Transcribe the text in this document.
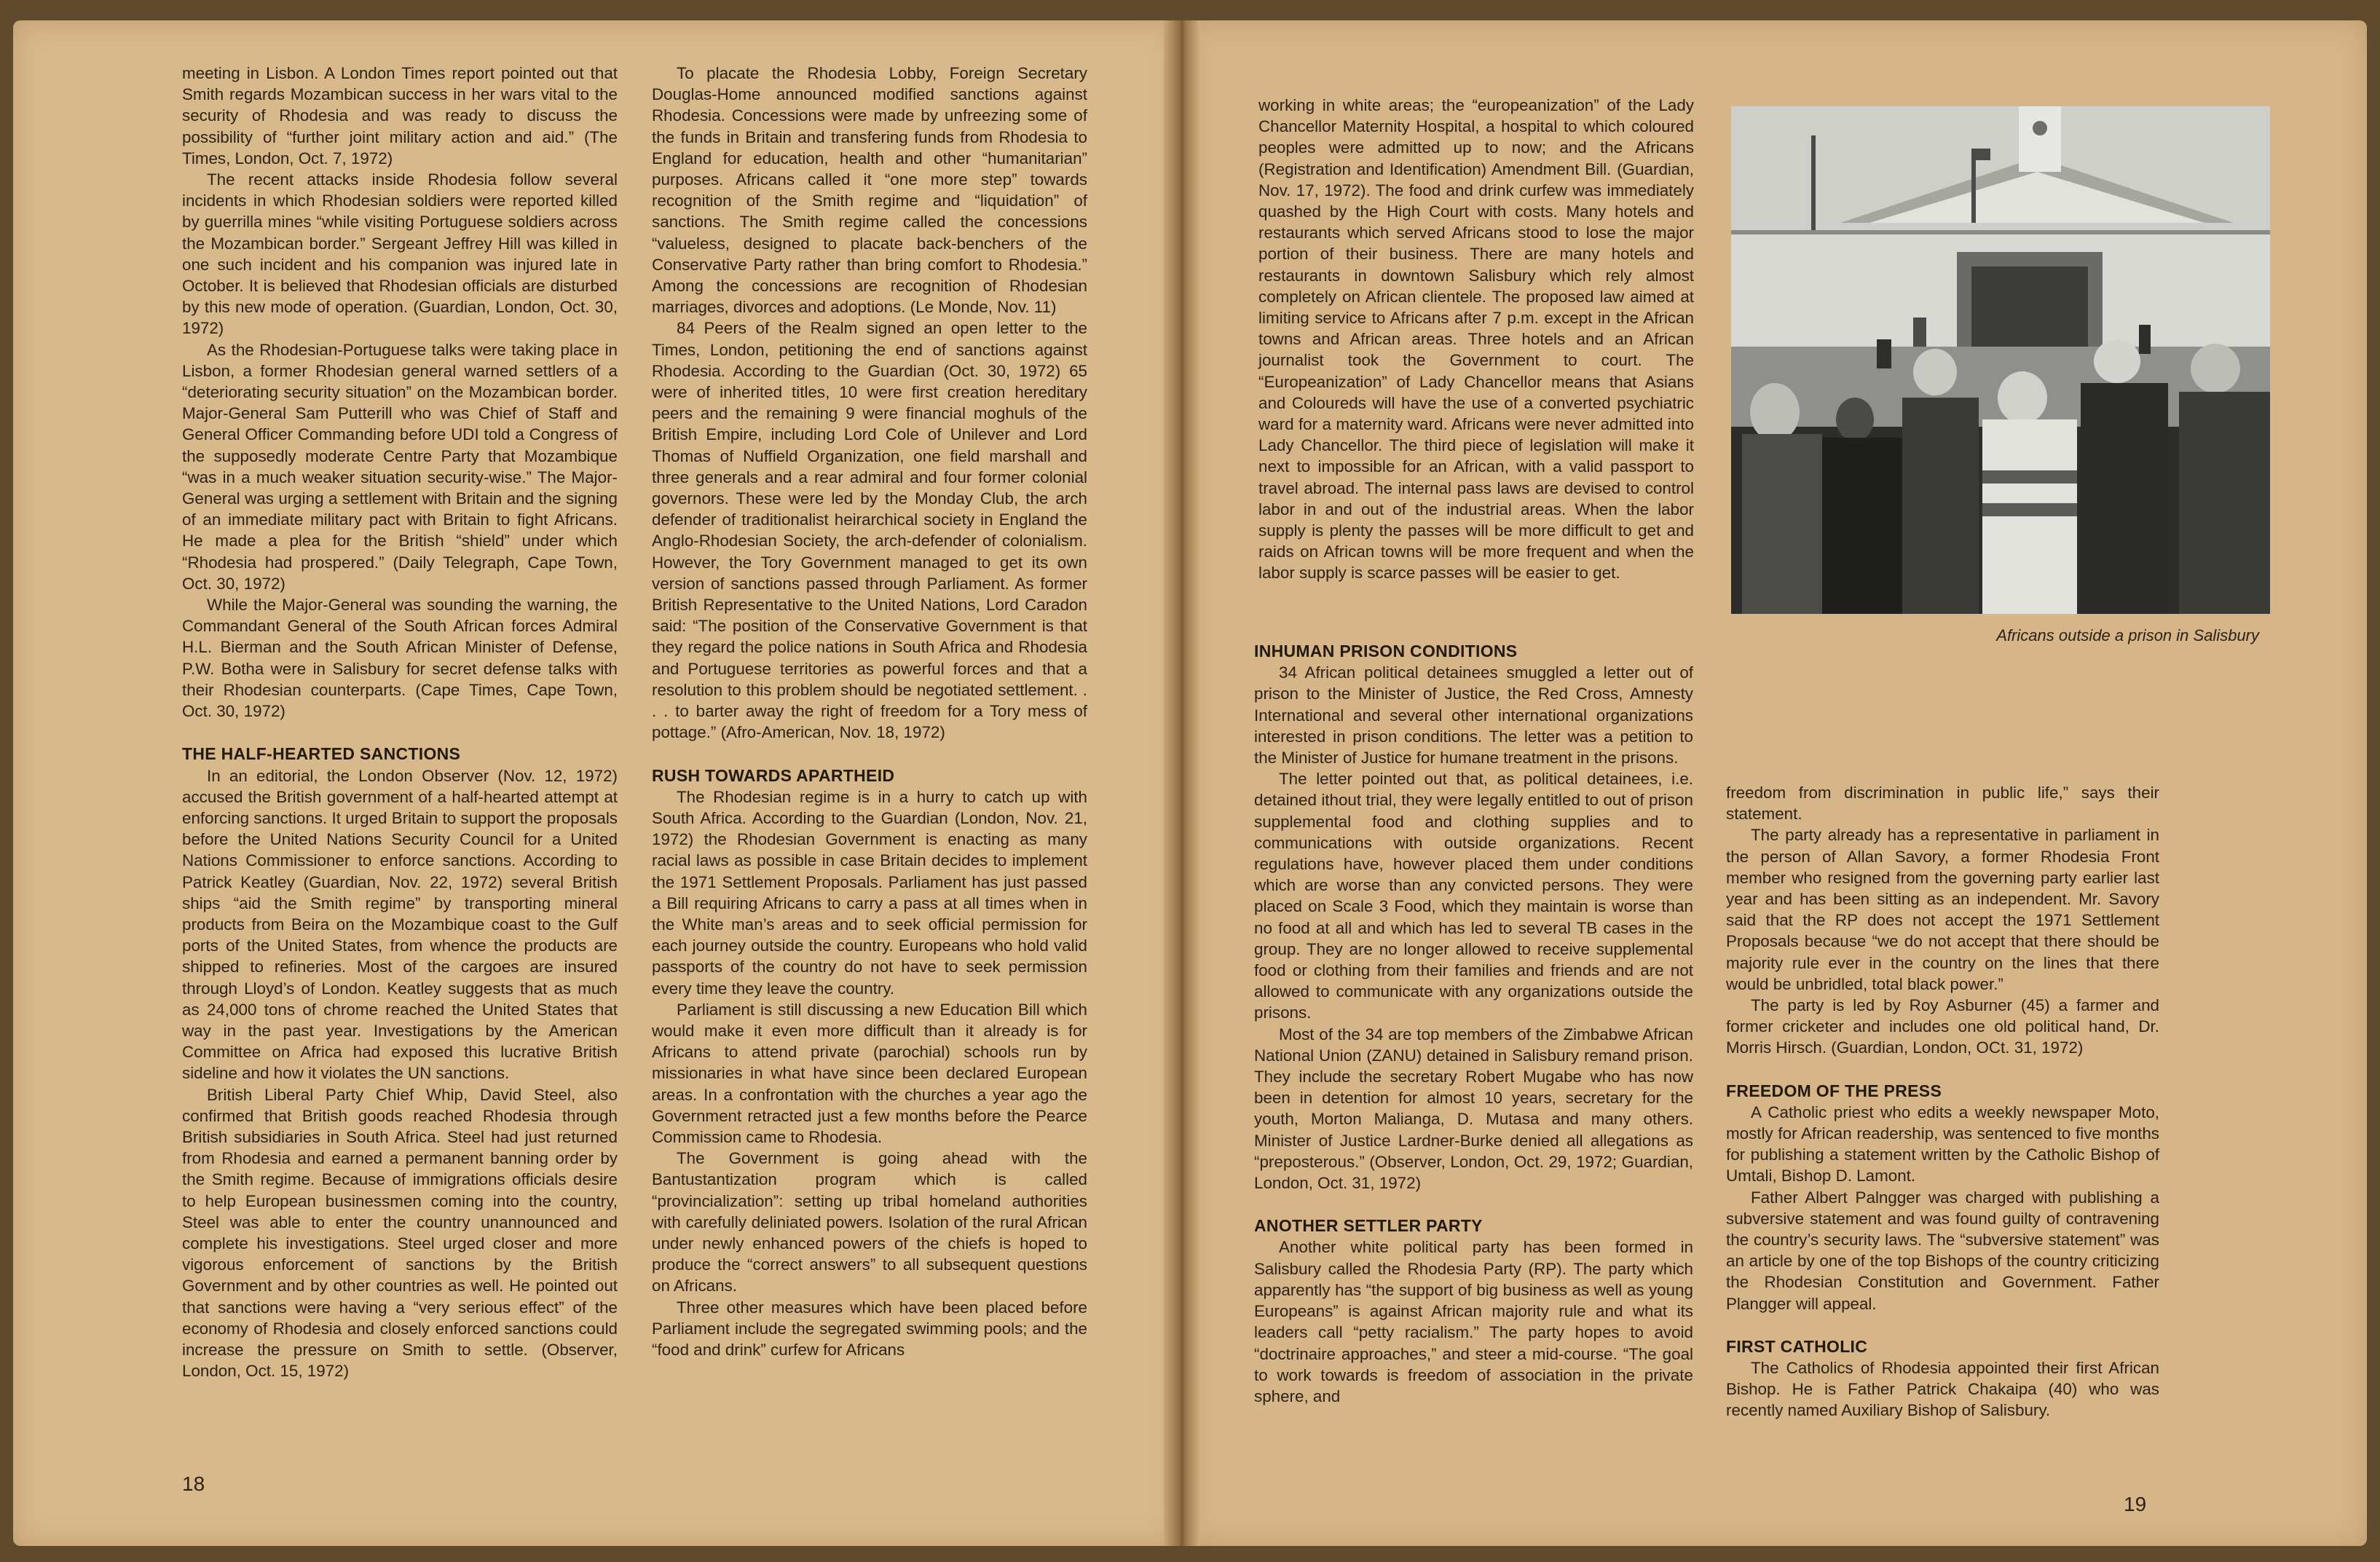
meeting in Lisbon. A London Times report pointed out that Smith regards Mozambican success in her wars vital to the security of Rhodesia and was ready to discuss the possibility of “further joint military action and aid.” (The Times, London, Oct. 7, 1972)

The recent attacks inside Rhodesia follow several incidents in which Rhodesian soldiers were reported killed by guerrilla mines “while visiting Portuguese soldiers across the Mozambican border.” Sergeant Jeffrey Hill was killed in one such incident and his companion was injured late in October. It is believed that Rhodesian officials are disturbed by this new mode of operation. (Guardian, London, Oct. 30, 1972)

As the Rhodesian-Portuguese talks were taking place in Lisbon, a former Rhodesian general warned settlers of a “deteriorating security situation” on the Mozambican border. Major-General Sam Putterill who was Chief of Staff and General Officer Commanding before UDI told a Congress of the supposedly moderate Centre Party that Mozambique “was in a much weaker situation security-wise.” The Major-General was urging a settlement with Britain and the signing of an immediate military pact with Britain to fight Africans. He made a plea for the British “shield” under which “Rhodesia had prospered.” (Daily Telegraph, Cape Town, Oct. 30, 1972)

While the Major-General was sounding the warning, the Commandant General of the South African forces Admiral H.L. Bierman and the South African Minister of Defense, P.W. Botha were in Salisbury for secret defense talks with their Rhodesian counterparts. (Cape Times, Cape Town, Oct. 30, 1972)

THE HALF-HEARTED SANCTIONS

In an editorial, the London Observer (Nov. 12, 1972) accused the British government of a half-hearted attempt at enforcing sanctions. It urged Britain to support the proposals before the United Nations Security Council for a United Nations Commissioner to enforce sanctions. According to Patrick Keatley (Guardian, Nov. 22, 1972) several British ships “aid the Smith regime” by transporting mineral products from Beira on the Mozambique coast to the Gulf ports of the United States, from whence the products are shipped to refineries. Most of the cargoes are insured through Lloyd’s of London. Keatley suggests that as much as 24,000 tons of chrome reached the United States that way in the past year. Investigations by the American Committee on Africa had exposed this lucrative British sideline and how it violates the UN sanctions.

British Liberal Party Chief Whip, David Steel, also confirmed that British goods reached Rhodesia through British subsidiaries in South Africa. Steel had just returned from Rhodesia and earned a permanent banning order by the Smith regime. Because of immigrations officials desire to help European businessmen coming into the country, Steel was able to enter the country unannounced and complete his investigations. Steel urged closer and more vigorous enforcement of sanctions by the British Government and by other countries as well. He pointed out that sanctions were having a “very serious effect” of the economy of Rhodesia and closely enforced sanctions could increase the pressure on Smith to settle. (Observer, London, Oct. 15, 1972)

To placate the Rhodesia Lobby, Foreign Secretary Douglas-Home announced modified sanctions against Rhodesia. Concessions were made by unfreezing some of the funds in Britain and transfering funds from Rhodesia to England for education, health and other “humanitarian” purposes. Africans called it “one more step” towards recognition of the Smith regime and “liquidation” of sanctions. The Smith regime called the concessions “valueless, designed to placate back-benchers of the Conservative Party rather than bring comfort to Rhodesia.” Among the concessions are recognition of Rhodesian marriages, divorces and adoptions. (Le Monde, Nov. 11)

84 Peers of the Realm signed an open letter to the Times, London, petitioning the end of sanctions against Rhodesia. According to the Guardian (Oct. 30, 1972) 65 were of inherited titles, 10 were first creation hereditary peers and the remaining 9 were financial moghuls of the British Empire, including Lord Cole of Unilever and Lord Thomas of Nuffield Organization, one field marshall and three generals and a rear admiral and four former colonial governors. These were led by the Monday Club, the arch defender of traditionalist heirarchical society in England the Anglo-Rhodesian Society, the arch-defender of colonialism. However, the Tory Government managed to get its own version of sanctions passed through Parliament. As former British Representative to the United Nations, Lord Caradon said: “The position of the Conservative Government is that they regard the police nations in South Africa and Rhodesia and Portuguese territories as powerful forces and that a resolution to this problem should be negotiated settlement. . . . to barter away the right of freedom for a Tory mess of pottage.” (Afro-American, Nov. 18, 1972)

RUSH TOWARDS APARTHEID

The Rhodesian regime is in a hurry to catch up with South Africa. According to the Guardian (London, Nov. 21, 1972) the Rhodesian Government is enacting as many racial laws as possible in case Britain decides to implement the 1971 Settlement Proposals. Parliament has just passed a Bill requiring Africans to carry a pass at all times when in the White man’s areas and to seek official permission for each journey outside the country. Europeans who hold valid passports of the country do not have to seek permission every time they leave the country.

Parliament is still discussing a new Education Bill which would make it even more difficult than it already is for Africans to attend private (parochial) schools run by missionaries in what have since been declared European areas. In a confrontation with the churches a year ago the Government retracted just a few months before the Pearce Commission came to Rhodesia.

The Government is going ahead with the Bantustantization program which is called “provincialization”: setting up tribal homeland authorities with carefully deliniated powers. Isolation of the rural African under newly enhanced powers of the chiefs is hoped to produce the “correct answers” to all subsequent questions on Africans.

Three other measures which have been placed before Parliament include the segregated swimming pools; and the “food and drink” curfew for Africans

18

working in white areas; the “europeanization” of the Lady Chancellor Maternity Hospital, a hospital to which coloured peoples were admitted up to now; and the Africans (Registration and Identification) Amendment Bill. (Guardian, Nov. 17, 1972). The food and drink curfew was immediately quashed by the High Court with costs. Many hotels and restaurants which served Africans stood to lose the major portion of their business. There are many hotels and restaurants in downtown Salisbury which rely almost completely on African clientele. The proposed law aimed at limiting service to Africans after 7 p.m. except in the African towns and African areas. Three hotels and an African journalist took the Government to court. The “Europeanization” of Lady Chancellor means that Asians and Coloureds will have the use of a converted psychiatric ward for a maternity ward. Africans were never admitted into Lady Chancellor. The third piece of legislation will make it next to impossible for an African, with a valid passport to travel abroad. The internal pass laws are devised to control labor in and out of the industrial areas. When the labor supply is plenty the passes will be more difficult to get and raids on African towns will be more frequent and when the labor supply is scarce passes will be easier to get.

INHUMAN PRISON CONDITIONS

34 African political detainees smuggled a letter out of prison to the Minister of Justice, the Red Cross, Amnesty International and several other international organizations interested in prison conditions. The letter was a petition to the Minister of Justice for humane treatment in the prisons.

The letter pointed out that, as political detainees, i.e. detained ithout trial, they were legally entitled to out of prison supplemental food and clothing supplies and to communications with outside organizations. Recent regulations have, however placed them under conditions which are worse than any convicted persons. They were placed on Scale 3 Food, which they maintain is worse than no food at all and which has led to several TB cases in the group. They are no longer allowed to receive supplemental food or clothing from their families and friends and are not allowed to communicate with any organizations outside the prisons.

Most of the 34 are top members of the Zimbabwe African National Union (ZANU) detained in Salisbury remand prison. They include the secretary Robert Mugabe who has now been in detention for almost 10 years, secretary for the youth, Morton Malianga, D. Mutasa and many others. Minister of Justice Lardner-Burke denied all allegations as “preposterous.” (Observer, London, Oct. 29, 1972; Guardian, London, Oct. 31, 1972)

ANOTHER SETTLER PARTY

Another white political party has been formed in Salisbury called the Rhodesia Party (RP). The party which apparently has “the support of big business as well as young Europeans” is against African majority rule and what its leaders call “petty racialism.” The party hopes to avoid “doctrinaire approaches,” and steer a mid-course. “The goal to work towards is freedom of association in the private sphere, and

freedom from discrimination in public life,” says their statement.

The party already has a representative in parliament in the person of Allan Savory, a former Rhodesia Front member who resigned from the governing party earlier last year and has been sitting as an independent. Mr. Savory said that the RP does not accept the 1971 Settlement Proposals because “we do not accept that there should be majority rule ever in the country on the lines that there would be unbridled, total black power.”

The party is led by Roy Asburner (45) a farmer and former cricketer and includes one old political hand, Dr. Morris Hirsch. (Guardian, London, OCt. 31, 1972)

FREEDOM OF THE PRESS

A Catholic priest who edits a weekly newspaper Moto, mostly for African readership, was sentenced to five months for publishing a statement written by the Catholic Bishop of Umtali, Bishop D. Lamont.

Father Albert Palngger was charged with publishing a subversive statement and was found guilty of contravening the country’s security laws. The “subversive statement” was an article by one of the top Bishops of the country criticizing the Rhodesian Constitution and Government. Father Plangger will appeal.

FIRST CATHOLIC

The Catholics of Rhodesia appointed their first African Bishop. He is Father Patrick Chakaipa (40) who was recently named Auxiliary Bishop of Salisbury.

Africans outside a prison in Salisbury
19
